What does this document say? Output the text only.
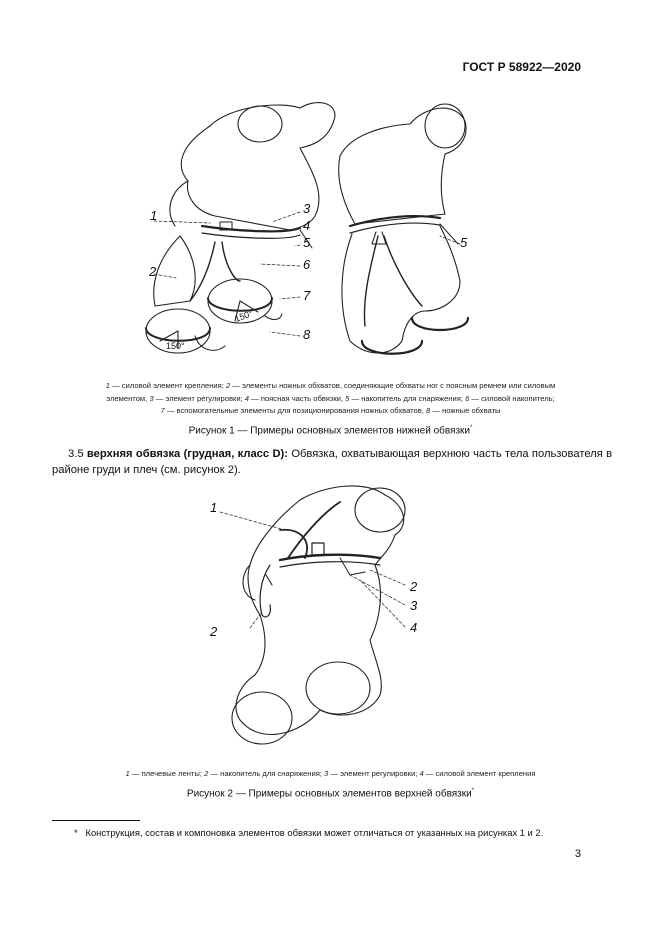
ГОСТ Р 58922—2020
150°
150°
1
2
3
4
5
6
7
8
5
1 — силовой элемент крепления; 2 — элементы ножных обхватов, соединяющие обхваты ног с поясным ремнем или силовым
элементом, 3 — элемент регулировки; 4 — поясная часть обвязки, 5 — накопитель для снаряжения; 6 — силовой накопитель;
7 — вспомогательные элементы для позиционирования ножных обхватов, 8 — ножные обхваты
Рисунок 1 — Примеры основных элементов нижней обвязки*
3.5 верхняя обвязка (грудная, класс D): Обвязка, охватывающая верхнюю часть тела пользователя в районе груди и плеч (см. рисунок 2).
1
2
2
3
4
1 — плечевые ленты; 2 — накопитель для снаряжения; 3 — элемент регулировки; 4 — силовой элемент крепления
Рисунок 2 — Примеры основных элементов верхней обвязки*
* Конструкция, состав и компоновка элементов обвязки может отличаться от указанных на рисунках 1 и 2.
3
